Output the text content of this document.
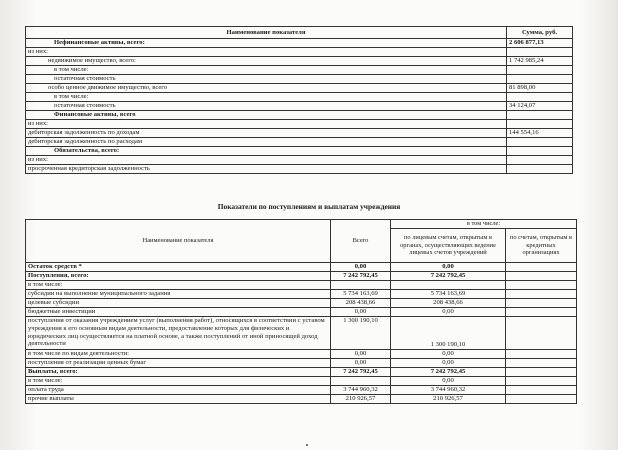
Наименование показателя	Сумма, руб.
Нефинансовые активы, всего:	2 606 877,13
из них:	
недвижимое имущество, всего:	1 742 985,24
в том числе:	
остаточная стоимость	
особо ценное движимое имущество, всего	81 898,00
в том числе:	
остаточная стоимость	34 124,07
Финансовые активы, всего	
из них:	
дебиторская задолженность по доходам	144 554,16
дебиторская задолженность по расходам	
Обязательства, всего:	
из них:	
просроченная кредиторская задолженность	
Показатели по поступлениям и выплатам учреждения
Наименование показателя	Всего	в том числе:	
		по лицевым счетам, открытым в органах, осуществляющих ведение лицевых счетов учреждений	по счетам, открытым в кредитных организациях
Остаток средств *	0,00	0,00	
Поступления, всего:	7 242 792,45	7 242 792,45	
в том числе:			
субсидии на выполнение муниципального задания	5 734 163,69	5 734 163,69	
целевые субсидии	208 438,66	208 438,66	
бюджетные инвестиции	0,00	0,00	
поступления от оказания учреждением услуг (выполнения работ), относящихся в соответствии с уставом учреждения к его основным видам деятельности, предоставление которых для физических и юридических лиц осуществляется на платной основе, а также поступлений от иной приносящей доход деятельности	1 300 190,10	1 300 190,10	
в том числе по видам деятельности:	0,00	0,00	
поступления от реализации ценных бумаг	0,00	0,00	
Выплаты, всего:	7 242 792,45	7 242 792,45	
в том числе:		0,00	
оплата труда	3 744 960,32	3 744 960,32	
прочие выплаты	210 926,57	210 926,57	
